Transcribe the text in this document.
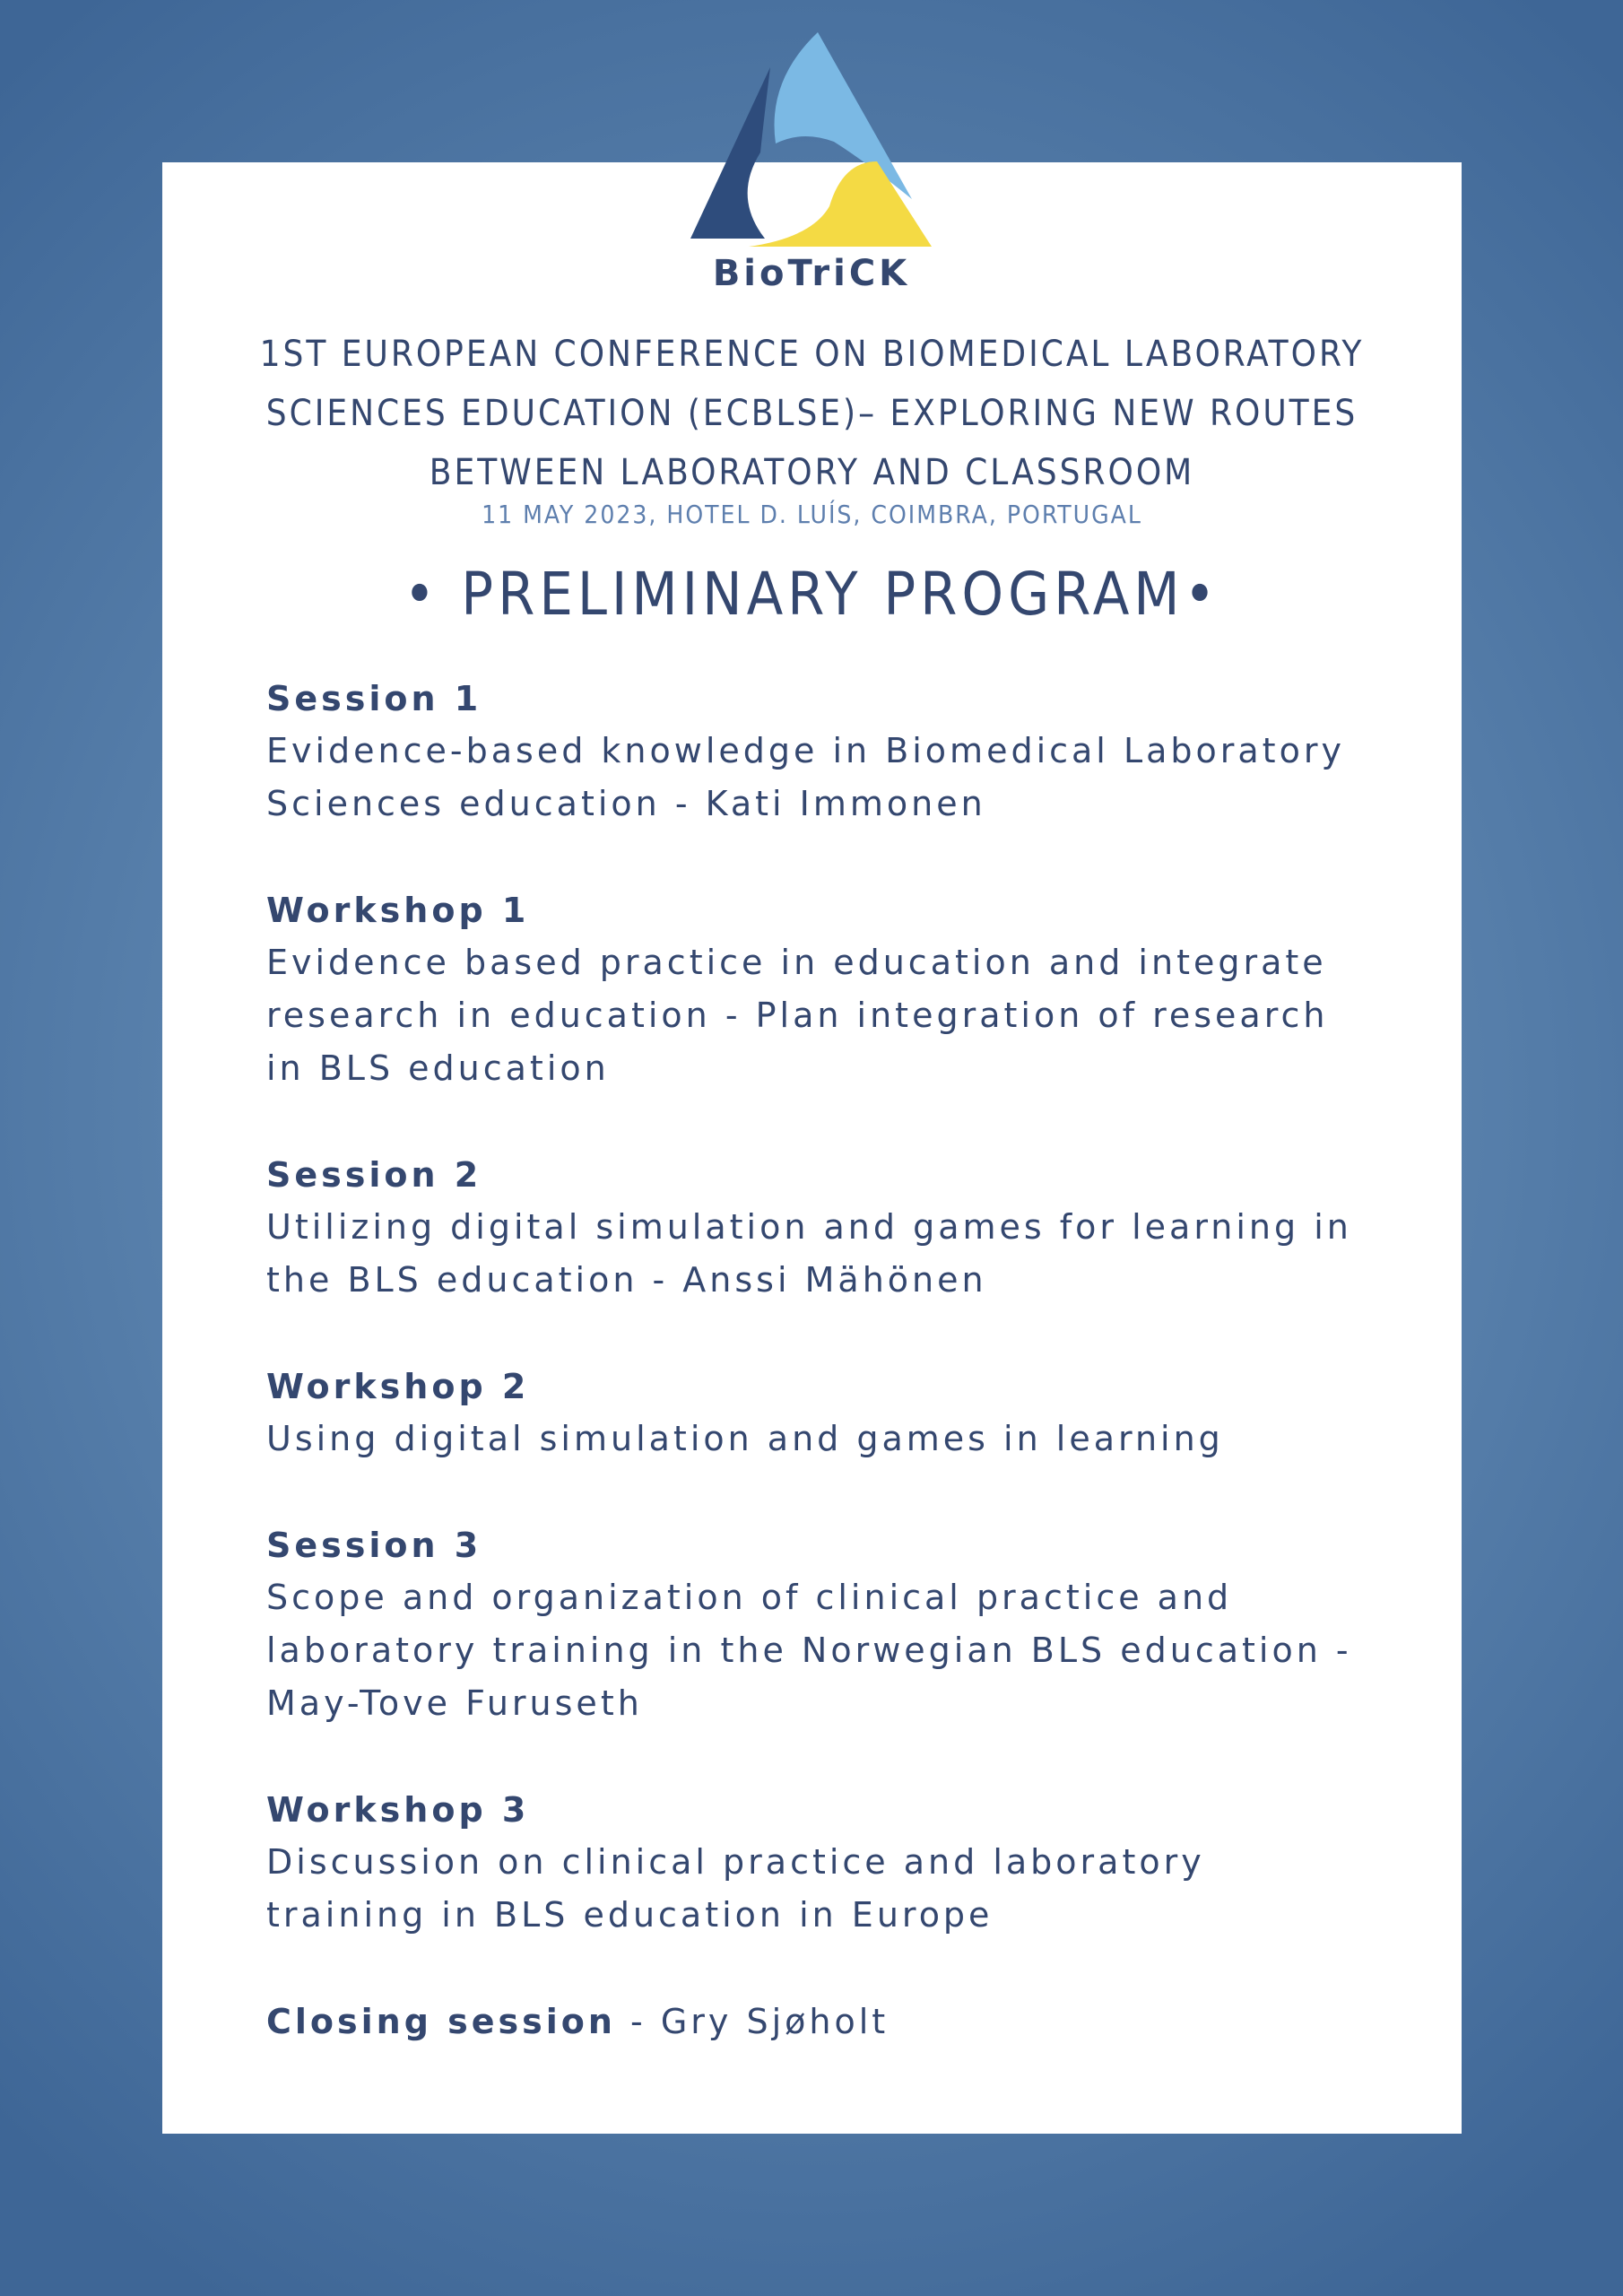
BioTriCK
1ST EUROPEAN CONFERENCE ON BIOMEDICAL LABORATORY
SCIENCES EDUCATION (ECBLSE)– EXPLORING NEW ROUTES
BETWEEN LABORATORY AND CLASSROOM
11 MAY 2023, HOTEL D. LUÍS, COIMBRA, PORTUGAL
• PRELIMINARY PROGRAM•
Session 1
Evidence-based knowledge in Biomedical Laboratory
Sciences education - Kati Immonen
Workshop 1
Evidence based practice in education and integrate
research in education - Plan integration of research
in BLS education
Session 2
Utilizing digital simulation and games for learning in
the BLS education - Anssi Mähönen
Workshop 2
Using digital simulation and games in learning
Session 3
Scope and organization of clinical practice and
laboratory training in the Norwegian BLS education -
May-Tove Furuseth
Workshop 3
Discussion on clinical practice and laboratory
training in BLS education in Europe
Closing session - Gry Sjøholt
